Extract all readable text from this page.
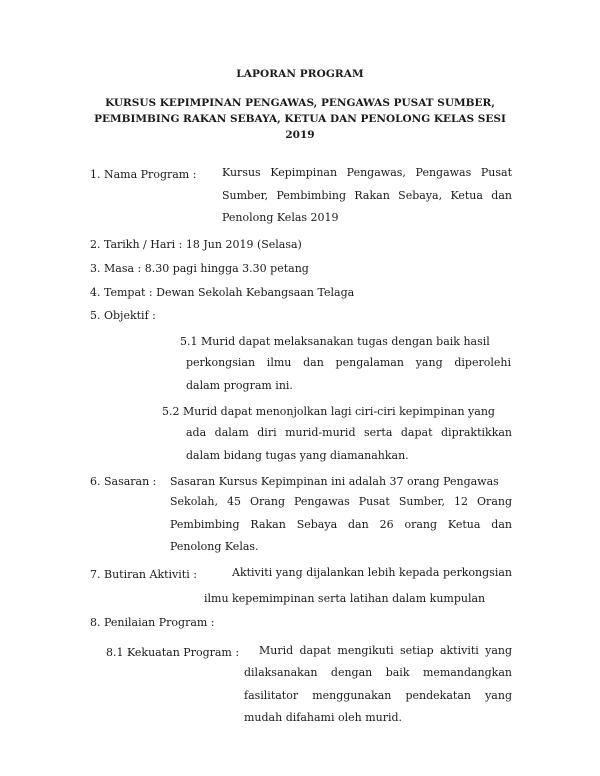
LAPORAN PROGRAM
KURSUS KEPIMPINAN PENGAWAS, PENGAWAS PUSAT SUMBER,
PEMBIMBING RAKAN SEBAYA, KETUA DAN PENOLONG KELAS SESI
2019
1. Nama Program : Kursus Kepimpinan Pengawas, Pengawas Pusat
Sumber, Pembimbing Rakan Sebaya, Ketua dan
Penolong Kelas 2019
2. Tarikh / Hari : 18 Jun 2019 (Selasa)
3. Masa : 8.30 pagi hingga 3.30 petang
4. Tempat : Dewan Sekolah Kebangsaan Telaga
5. Objektif :
5.1 Murid dapat melaksanakan tugas dengan baik hasil
perkongsian ilmu dan pengalaman yang diperolehi
dalam program ini.
5.2 Murid dapat menonjolkan lagi ciri-ciri kepimpinan yang
ada dalam diri murid-murid serta dapat dipraktikkan
dalam bidang tugas yang diamanahkan.
6. Sasaran : Sasaran Kursus Kepimpinan ini adalah 37 orang Pengawas
Sekolah, 45 Orang Pengawas Pusat Sumber, 12 Orang
Pembimbing Rakan Sebaya dan 26 orang Ketua dan
Penolong Kelas.
7. Butiran Aktiviti :	Aktiviti yang dijalankan lebih kepada perkongsian
ilmu kepemimpinan serta latihan dalam kumpulan
8. Penilaian Program :
8.1 Kekuatan Program : Murid dapat mengikuti setiap aktiviti yang
dilaksanakan dengan baik memandangkan
fasilitator menggunakan pendekatan yang
mudah difahami oleh murid.
